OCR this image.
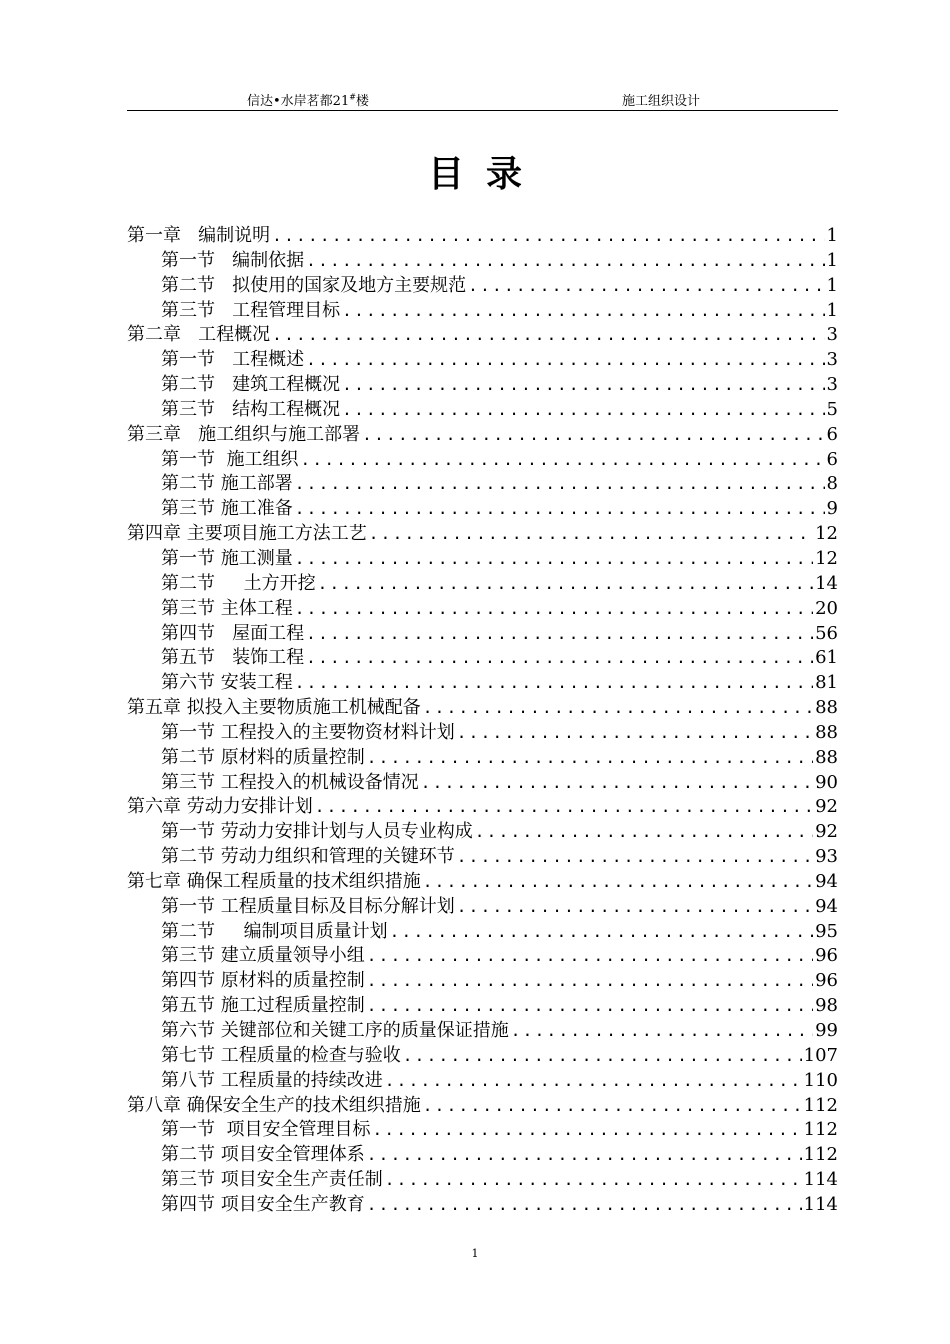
信达•水岸茗都21#楼	施工组织设计
目录
第一章   编制说明 .....	1
第一节   编制依据 .....	1
第二节   拟使用的国家及地方主要规范 .....	1
第三节   工程管理目标 .....	1
第二章   工程概况 .....	3
第一节   工程概述 .....	3
第二节   建筑工程概况 .....	3
第三节   结构工程概况 .....	5
第三章   施工组织与施工部署 .....	6
第一节  施工组织 .....	6
第二节 施工部署 .....	8
第三节 施工准备 .....	9
第四章 主要项目施工方法工艺 .....	12
第一节 施工测量 .....	12
第二节     土方开挖 .....	14
第三节 主体工程 .....	20
第四节   屋面工程 .....	56
第五节   装饰工程 .....	61
第六节 安装工程 .....	81
第五章 拟投入主要物质施工机械配备 .....	88
第一节 工程投入的主要物资材料计划 .....	88
第二节 原材料的质量控制 .....	88
第三节 工程投入的机械设备情况 .....	90
第六章 劳动力安排计划 .....	92
第一节 劳动力安排计划与人员专业构成 .....	92
第二节 劳动力组织和管理的关键环节 .....	93
第七章 确保工程质量的技术组织措施 .....	94
第一节 工程质量目标及目标分解计划 .....	94
第二节     编制项目质量计划 .....	95
第三节 建立质量领导小组 .....	96
第四节 原材料的质量控制 .....	96
第五节 施工过程质量控制 .....	98
第六节 关键部位和关键工序的质量保证措施 .....	99
第七节 工程质量的检查与验收 .....	107
第八节 工程质量的持续改进 .....	110
第八章 确保安全生产的技术组织措施 .....	112
第一节  项目安全管理目标 .....	112
第二节 项目安全管理体系 .....	112
第三节 项目安全生产责任制 .....	114
第四节 项目安全生产教育 .....	114
1
